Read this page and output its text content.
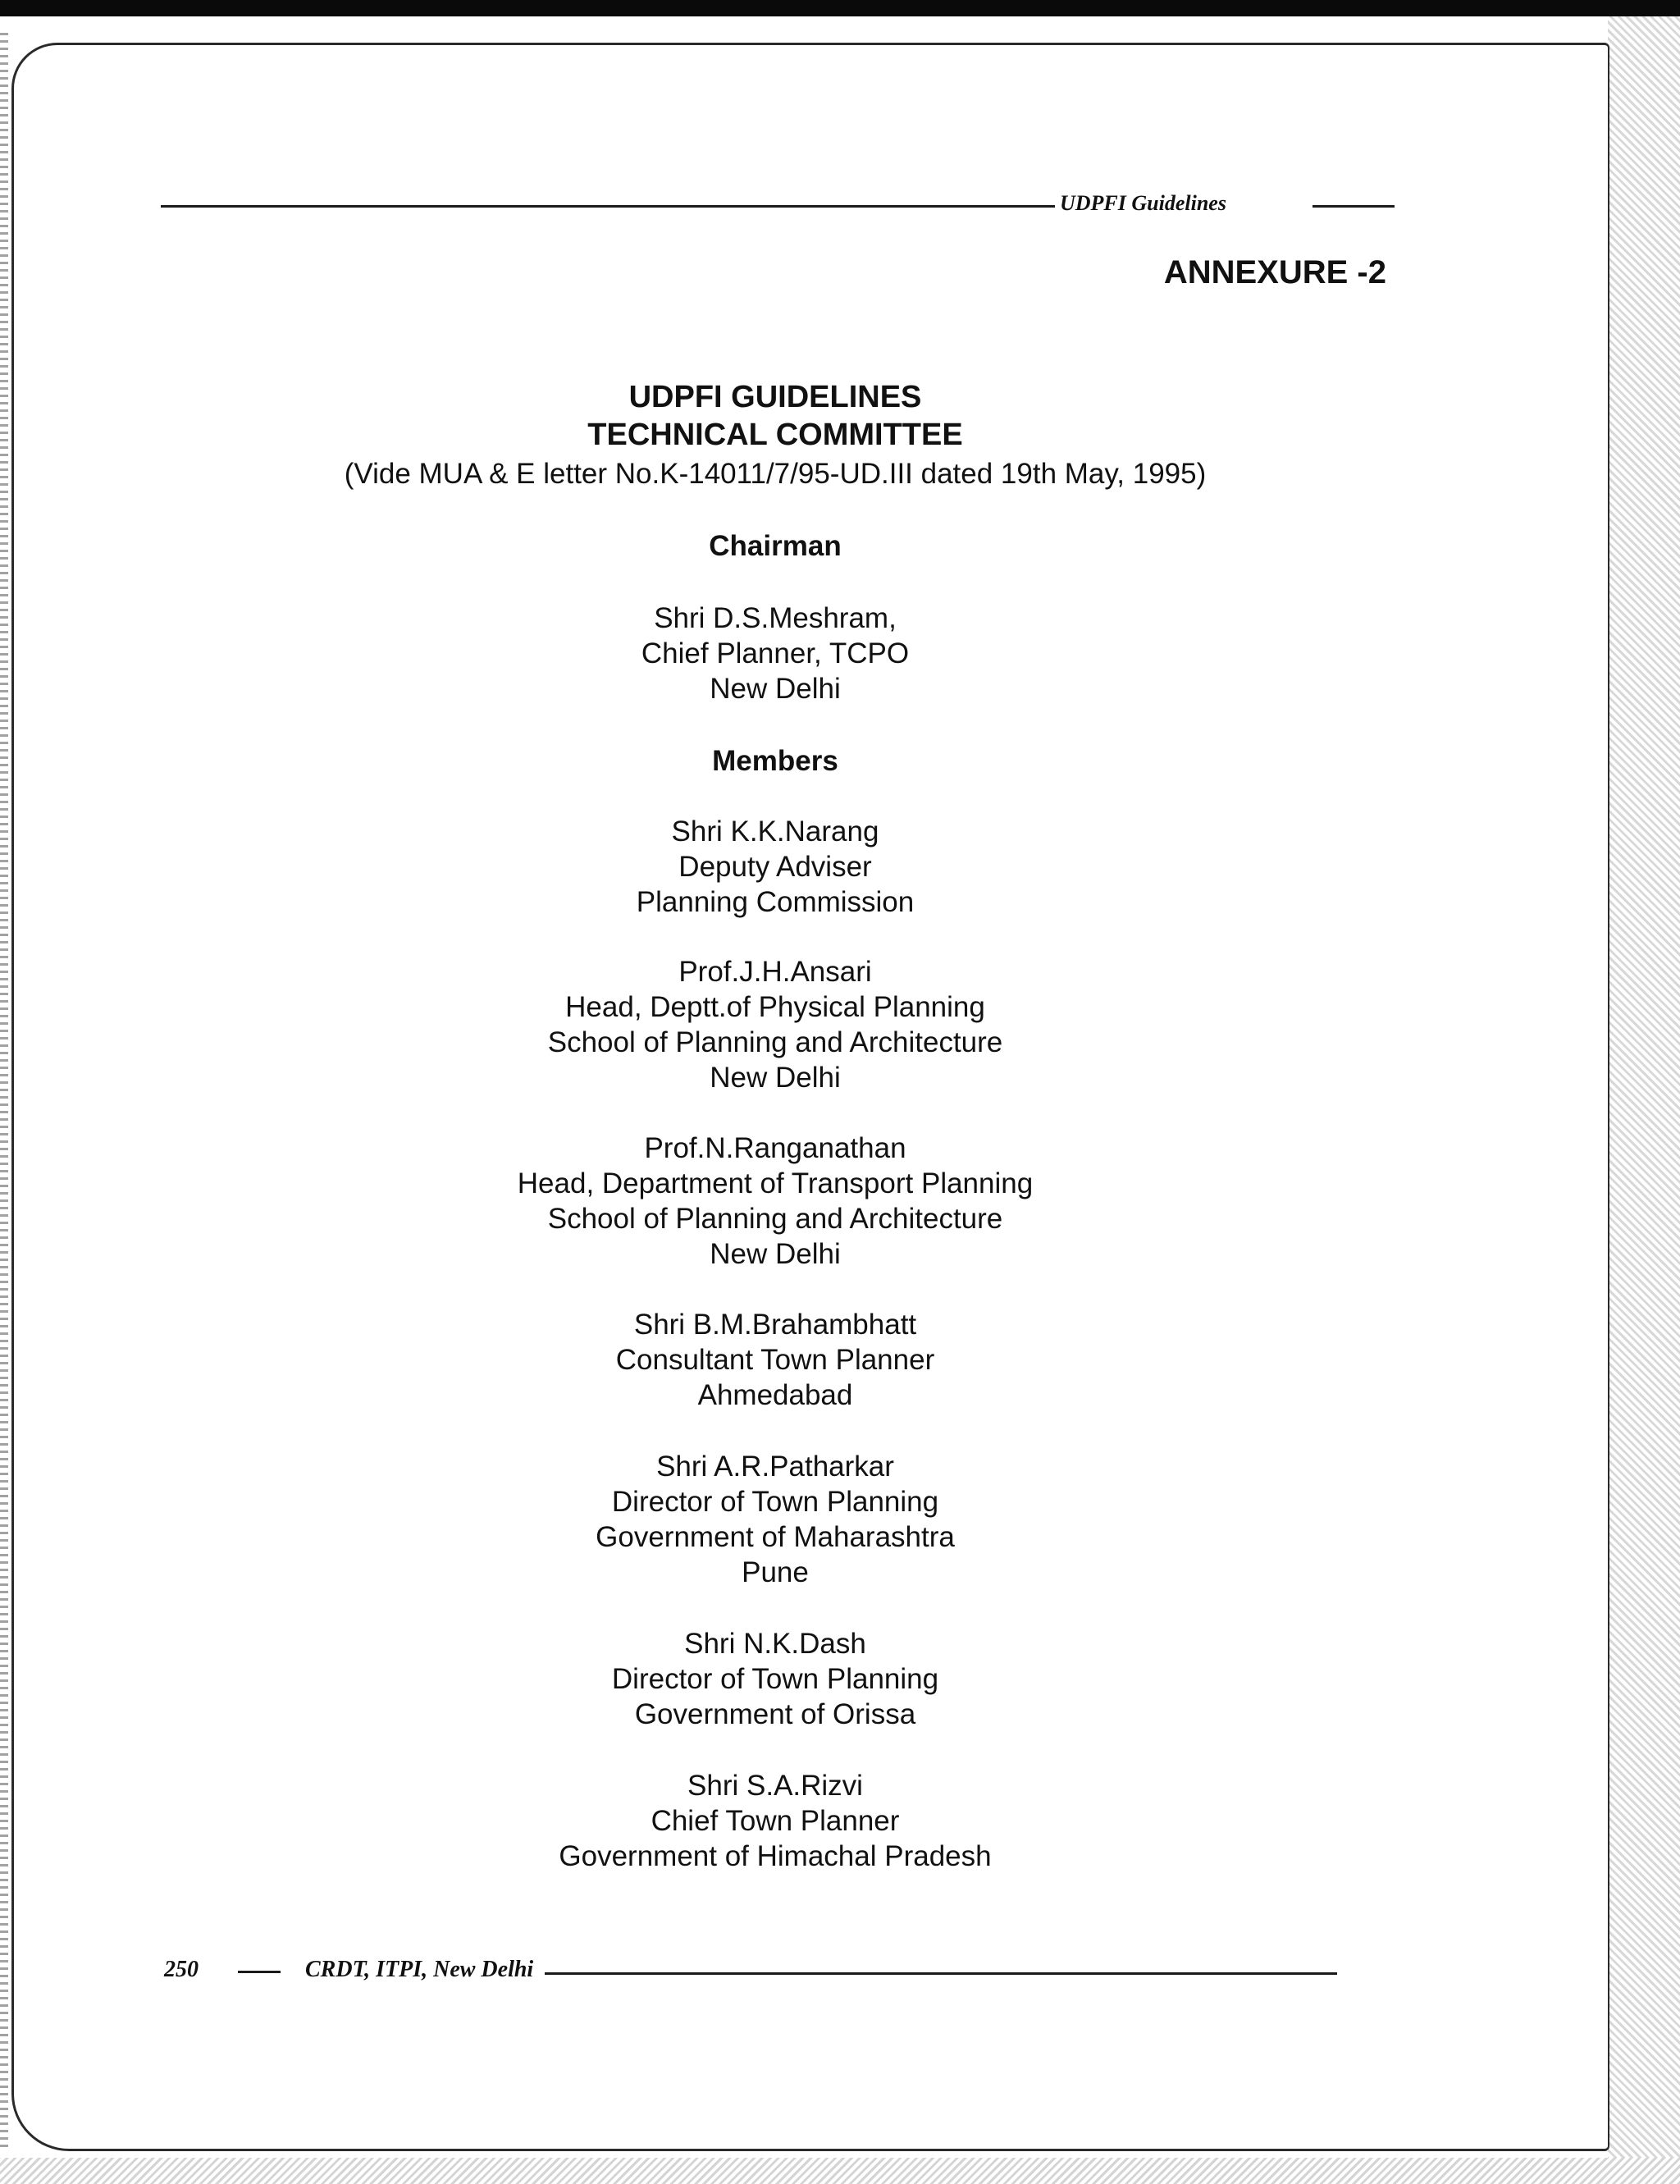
UDPFI Guidelines
ANNEXURE -2
UDPFI GUIDELINES
TECHNICAL COMMITTEE
(Vide MUA & E letter No.K-14011/7/95-UD.III dated 19th May, 1995)
Chairman
Shri D.S.Meshram,
Chief Planner, TCPO
New Delhi
Members
Shri K.K.Narang
Deputy Adviser
Planning Commission
Prof.J.H.Ansari
Head, Deptt.of Physical Planning
School of Planning and Architecture
New Delhi
Prof.N.Ranganathan
Head, Department of Transport Planning
School of Planning and Architecture
New Delhi
Shri B.M.Brahambhatt
Consultant Town Planner
Ahmedabad
Shri A.R.Patharkar
Director of Town Planning
Government of Maharashtra
Pune
Shri N.K.Dash
Director of Town Planning
Government of Orissa
Shri S.A.Rizvi
Chief Town Planner
Government of Himachal Pradesh
250	CRDT, ITPI, New Delhi
